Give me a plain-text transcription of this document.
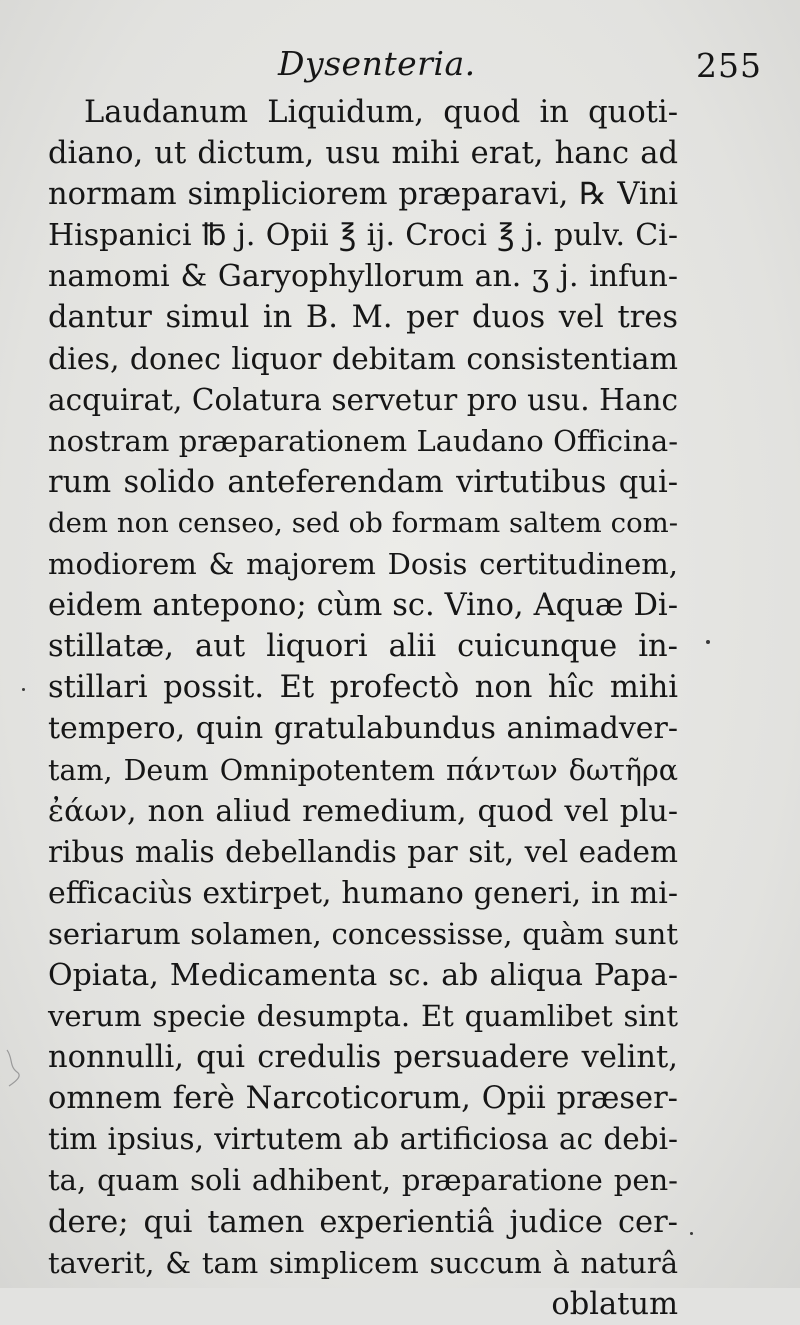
Dysenteria.	255
Laudanum Liquidum, quod in quoti-
diano, ut dictum, usu mihi erat, hanc ad
normam simpliciorem præparavi, ℞ Vini
Hispanici ℔ j. Opii ℥ ij. Croci ℥ j. pulv. Ci-
namomi & Garyophyllorum an. ʒ j. infun-
dantur simul in B. M. per duos vel tres
dies, donec liquor debitam consistentiam
acquirat, Colatura servetur pro usu. Hanc
nostram præparationem Laudano Officina-
rum solido anteferendam virtutibus qui-
dem non censeo, sed ob formam saltem com-
modiorem & majorem Dosis certitudinem,
eidem antepono; cùm sc. Vino, Aquæ Di-
stillatæ, aut liquori alii cuicunque in-
stillari possit. Et profectò non hîc mihi
tempero, quin gratulabundus animadver-
tam, Deum Omnipotentem πάντων δωτῆρα
ἐάων, non aliud remedium, quod vel plu-
ribus malis debellandis par sit, vel eadem
efficaciùs extirpet, humano generi, in mi-
seriarum solamen, concessisse, quàm sunt
Opiata, Medicamenta sc. ab aliqua Papa-
verum specie desumpta. Et quamlibet sint
nonnulli, qui credulis persuadere velint,
omnem ferè Narcoticorum, Opii præser-
tim ipsius, virtutem ab artificiosa ac debi-
ta, quam soli adhibent, præparatione pen-
dere; qui tamen experientiâ judice cer-
taverit, & tam simplicem succum à naturâ
oblatum
